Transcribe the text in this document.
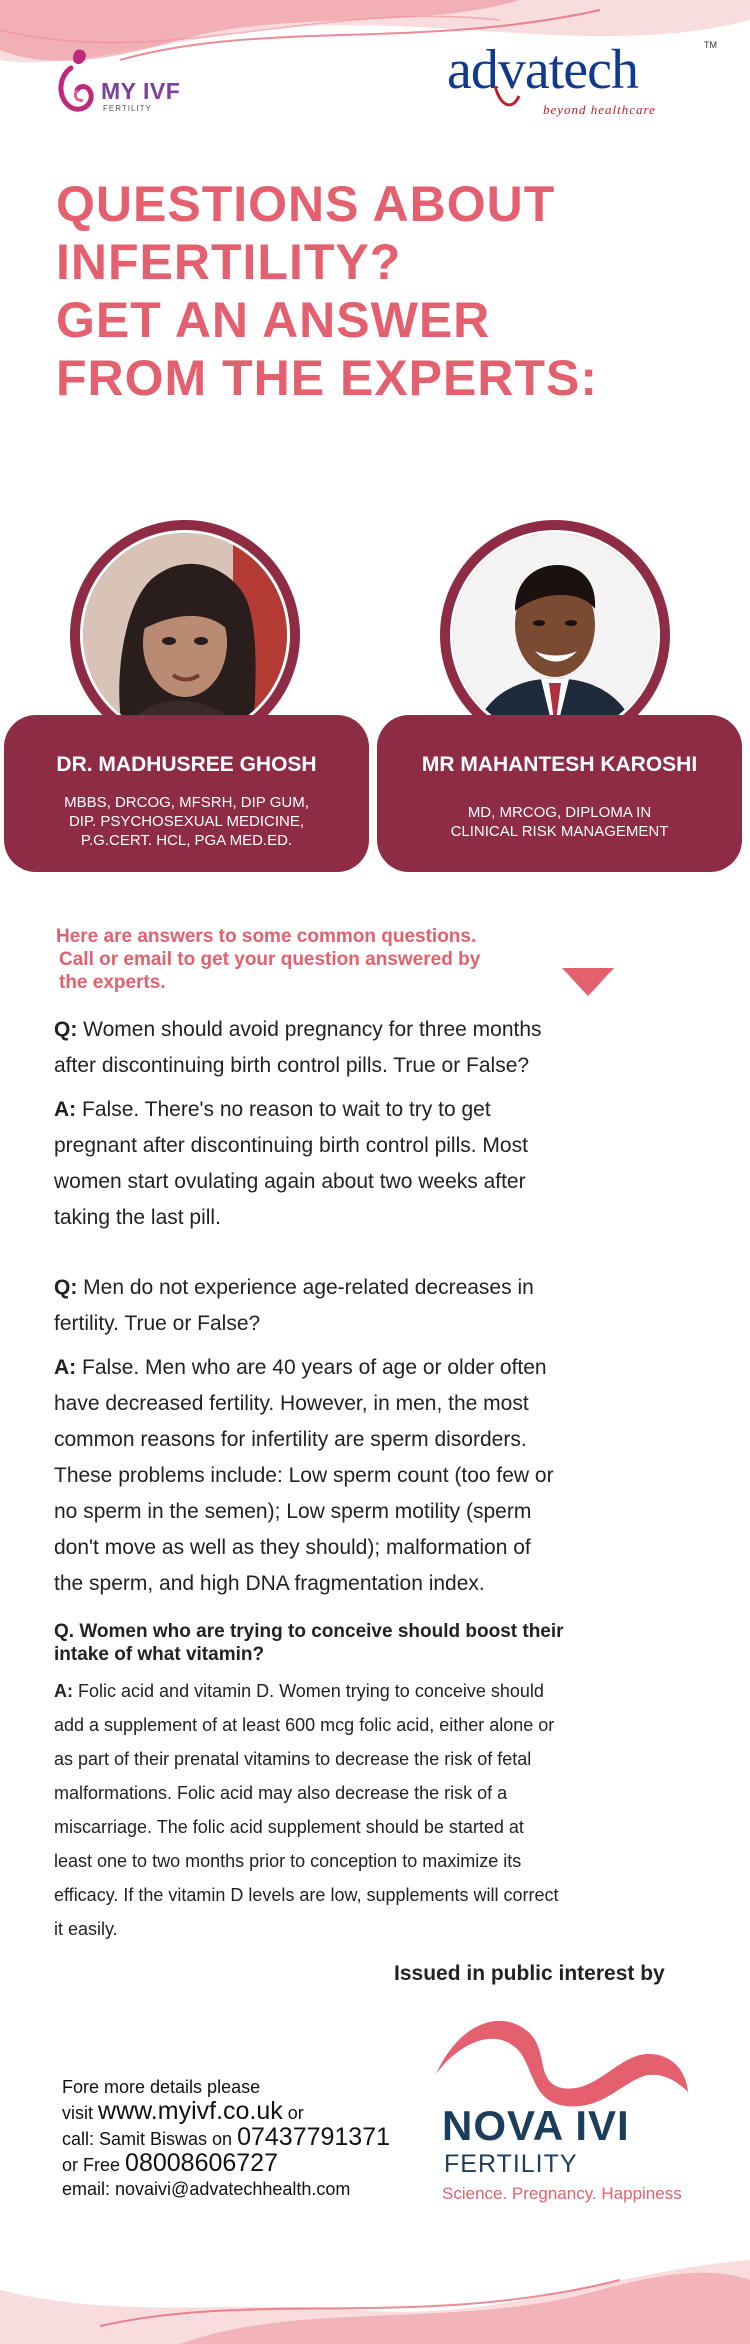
MY IVF
FERTILITY
advatech	TM
beyond healthcare
QUESTIONS ABOUT
INFERTILITY?
GET AN ANSWER
FROM THE EXPERTS:
DR. MADHUSREE GHOSH
MBBS, DRCOG, MFSRH, DIP GUM,
DIP. PSYCHOSEXUAL MEDICINE,
P.G.CERT. HCL, PGA MED.ED.
MR MAHANTESH KAROSHI
MD, MRCOG, DIPLOMA IN
CLINICAL RISK MANAGEMENT
Here are answers to some common questions.
Call or email to get your question answered by
the experts.
Q: Women should avoid pregnancy for three months
after discontinuing birth control pills. True or False?
A: False. There's no reason to wait to try to get
pregnant after discontinuing birth control pills. Most
women start ovulating again about two weeks after
taking the last pill.
Q: Men do not experience age-related decreases in
fertility. True or False?
A: False. Men who are 40 years of age or older often
have decreased fertility. However, in men, the most
common reasons for infertility are sperm disorders.
These problems include: Low sperm count (too few or
no sperm in the semen); Low sperm motility (sperm
don't move as well as they should); malformation of
the sperm, and high DNA fragmentation index.
Q. Women who are trying to conceive should boost their
intake of what vitamin?
A: Folic acid and vitamin D. Women trying to conceive should
add a supplement of at least 600 mcg folic acid, either alone or
as part of their prenatal vitamins to decrease the risk of fetal
malformations. Folic acid may also decrease the risk of a
miscarriage. The folic acid supplement should be started at
least one to two months prior to conception to maximize its
efficacy. If the vitamin D levels are low, supplements will correct
it easily.
Issued in public interest by
Fore more details please
visit www.myivf.co.uk or
call: Samit Biswas on 07437791371
or Free 08008606727
email: novaivi@advatechhealth.com
NOVA IVI
FERTILITY
Science. Pregnancy. Happiness
